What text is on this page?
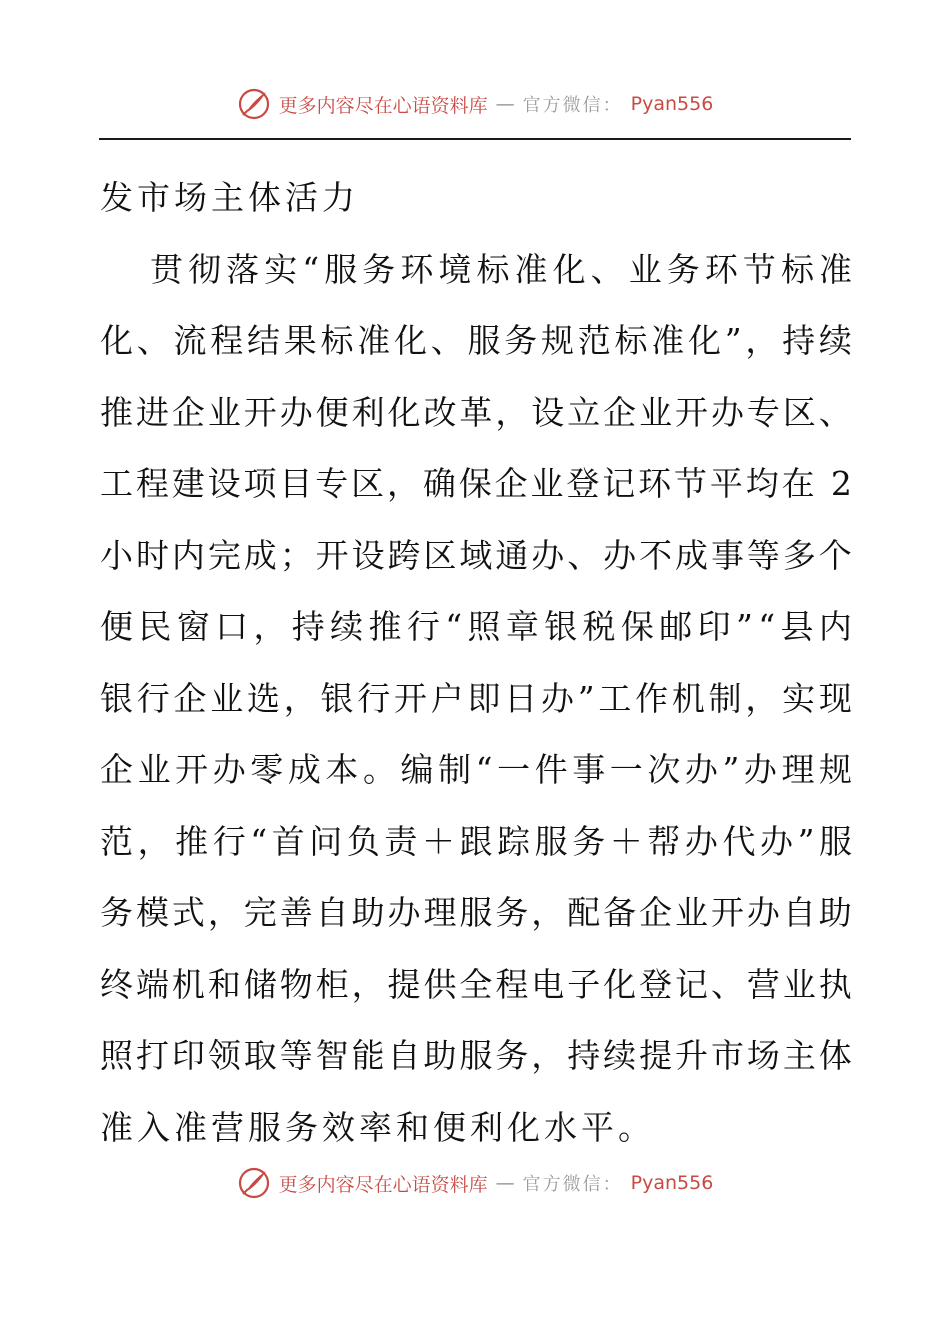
更多内容尽在心语资料库 — 官方微信： Pyan556
发市场主体活力
贯 彻 落 实 “ 服 务 环 境 标 准 化 、 业 务 环 节 标 准
化 、 流 程 结 果 标 准 化 、 服 务 规 范 标 准 化 ” ， 持 续
推 进 企 业 开 办 便 利 化 改 革 ， 设 立 企 业 开 办 专 区 、
工 程 建 设 项 目 专 区 ， 确 保 企 业 登 记 环 节 平 均 在
2
小 时 内 完 成 ； 开 设 跨 区 域 通 办 、 办 不 成 事 等 多 个
便 民 窗 口 ， 持 续 推 行 “ 照 章 银 税 保 邮 印 ” “ 县 内
银 行 企 业 选 ， 银 行 开 户 即 日 办 ” 工 作 机 制 ， 实 现
企 业 开 办 零 成 本 。 编 制 “ 一 件 事 一 次 办 ” 办 理 规
范 ， 推 行 “ 首 问 负 责 ＋ 跟 踪 服 务 ＋ 帮 办 代 办 ” 服
务 模 式 ， 完 善 自 助 办 理 服 务 ， 配 备 企 业 开 办 自 助
终 端 机 和 储 物 柜 ， 提 供 全 程 电 子 化 登 记 、 营 业 执
照 打 印 领 取 等 智 能 自 助 服 务 ， 持 续 提 升 市 场 主 体
准入准营服务效率和便利化水平。
更多内容尽在心语资料库 — 官方微信： Pyan556
